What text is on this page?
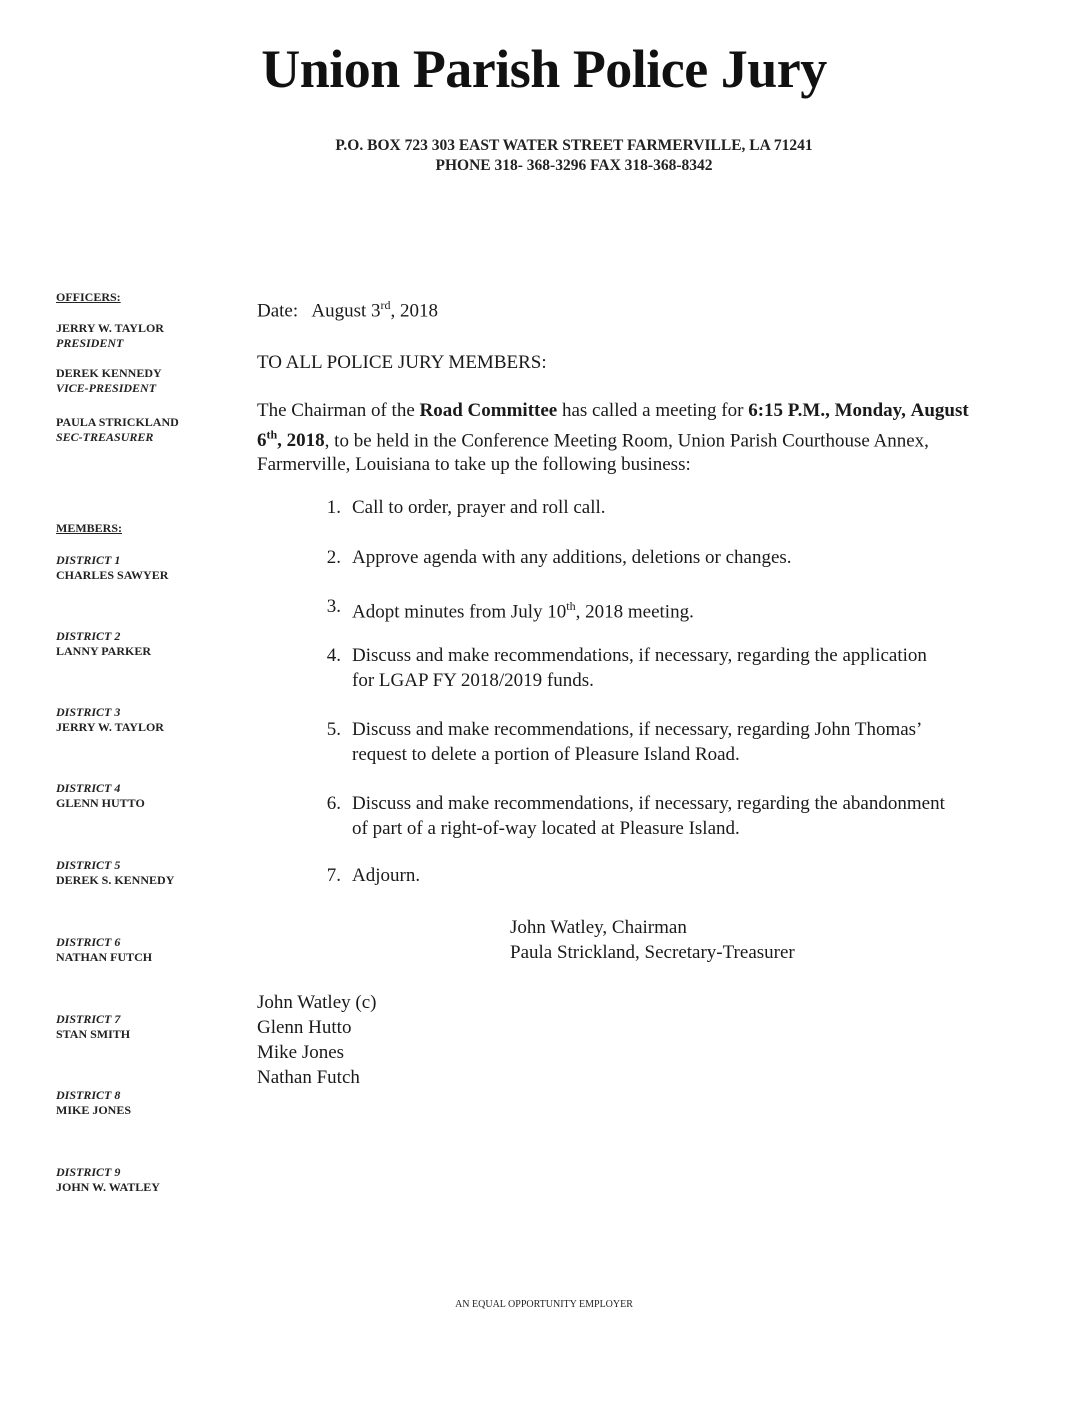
Union Parish Police Jury
P.O. BOX 723 303 EAST WATER STREET FARMERVILLE, LA 71241
PHONE 318- 368-3296 FAX 318-368-8342
OFFICERS:
JERRY W. TAYLOR
PRESIDENT
DEREK KENNEDY
VICE-PRESIDENT
PAULA STRICKLAND
SEC-TREASURER
MEMBERS:
DISTRICT 1
CHARLES SAWYER
DISTRICT 2
LANNY PARKER
DISTRICT 3
JERRY W. TAYLOR
DISTRICT 4
GLENN HUTTO
DISTRICT 5
DEREK S. KENNEDY
DISTRICT 6
NATHAN FUTCH
DISTRICT 7
STAN SMITH
DISTRICT 8
MIKE JONES
DISTRICT 9
JOHN W. WATLEY
Date: August 3rd, 2018
TO ALL POLICE JURY MEMBERS:
The Chairman of the Road Committee has called a meeting for 6:15 P.M., Monday, August 6th, 2018, to be held in the Conference Meeting Room, Union Parish Courthouse Annex, Farmerville, Louisiana to take up the following business:
1. Call to order, prayer and roll call.
2. Approve agenda with any additions, deletions or changes.
3. Adopt minutes from July 10th, 2018 meeting.
4. Discuss and make recommendations, if necessary, regarding the application for LGAP FY 2018/2019 funds.
5. Discuss and make recommendations, if necessary, regarding John Thomas’ request to delete a portion of Pleasure Island Road.
6. Discuss and make recommendations, if necessary, regarding the abandonment of part of a right-of-way located at Pleasure Island.
7. Adjourn.
John Watley, Chairman
Paula Strickland, Secretary-Treasurer
John Watley (c)
Glenn Hutto
Mike Jones
Nathan Futch
AN EQUAL OPPORTUNITY EMPLOYER
